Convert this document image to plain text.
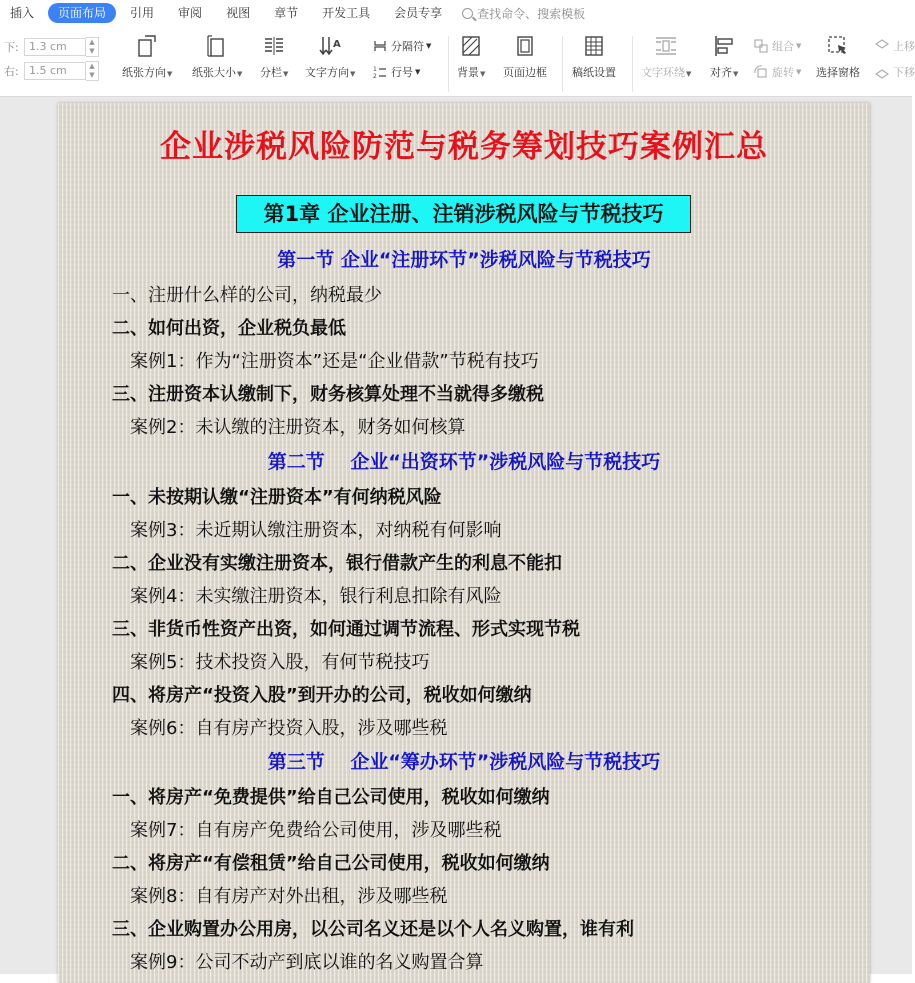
插入	页面布局	引用	审阅	视图	章节	开发工具	会员专享	查找命令、搜索模板
下: 1.3 cm	▲
▼
右: 1.5 cm	▲
▼	纸张方向▼ 纸张大小▼ 分栏▼
A
文字方向▼
分隔符 ▼
1
2 行号 ▼	背景▼ 页面边框 稿纸设置 文字环绕▼ 对齐▼
组合 ▼
旋转 ▼ 选择窗格
上移
下移
企业涉税风险防范与税务筹划技巧案例汇总
第1章 企业注册、注销涉税风险与节税技巧
第一节 企业“注册环节”涉税风险与节税技巧
一、注册什么样的公司，纳税最少
二、如何出资，企业税负最低
案例1：作为“注册资本”还是“企业借款”节税有技巧
三、注册资本认缴制下，财务核算处理不当就得多缴税
案例2：未认缴的注册资本，财务如何核算
第二节　 企业“出资环节”涉税风险与节税技巧
一、未按期认缴“注册资本”有何纳税风险
案例3：未近期认缴注册资本，对纳税有何影响
二、企业没有实缴注册资本，银行借款产生的利息不能扣
案例4：未实缴注册资本，银行利息扣除有风险
三、非货币性资产出资，如何通过调节流程、形式实现节税
案例5：技术投资入股，有何节税技巧
四、将房产“投资入股”到开办的公司，税收如何缴纳
案例6：自有房产投资入股，涉及哪些税
第三节　 企业“筹办环节”涉税风险与节税技巧
一、将房产“免费提供”给自己公司使用，税收如何缴纳
案例7：自有房产免费给公司使用，涉及哪些税
二、将房产“有偿租赁”给自己公司使用，税收如何缴纳
案例8：自有房产对外出租，涉及哪些税
三、企业购置办公用房，以公司名义还是以个人名义购置，谁有利
案例9：公司不动产到底以谁的名义购置合算
